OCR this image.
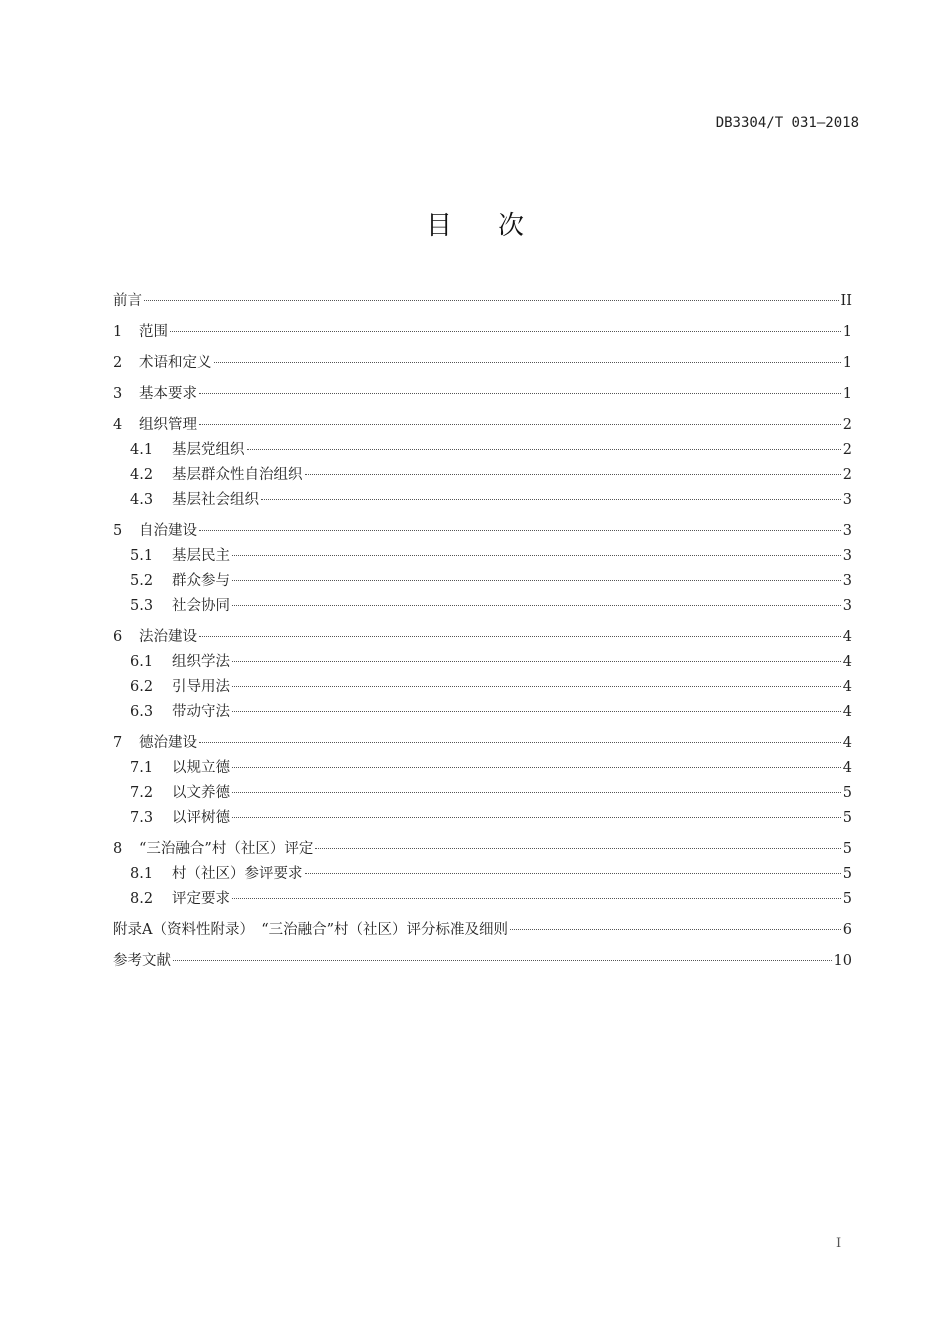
DB3304/T 031—2018
目次
前言	II
1	范围	1
2	术语和定义	1
3	基本要求	1
4	组织管理	2
4.1	基层党组织	2
4.2	基层群众性自治组织	2
4.3	基层社会组织	3
5	自治建设	3
5.1	基层民主	3
5.2	群众参与	3
5.3	社会协同	3
6	法治建设	4
6.1	组织学法	4
6.2	引导用法	4
6.3	带动守法	4
7	德治建设	4
7.1	以规立德	4
7.2	以文养德	5
7.3	以评树德	5
8	“三治融合”村（社区）评定	5
8.1	村（社区）参评要求	5
8.2	评定要求	5
附录A（资料性附录）　“三治融合”村（社区）评分标准及细则	6
参考文献	10
I
